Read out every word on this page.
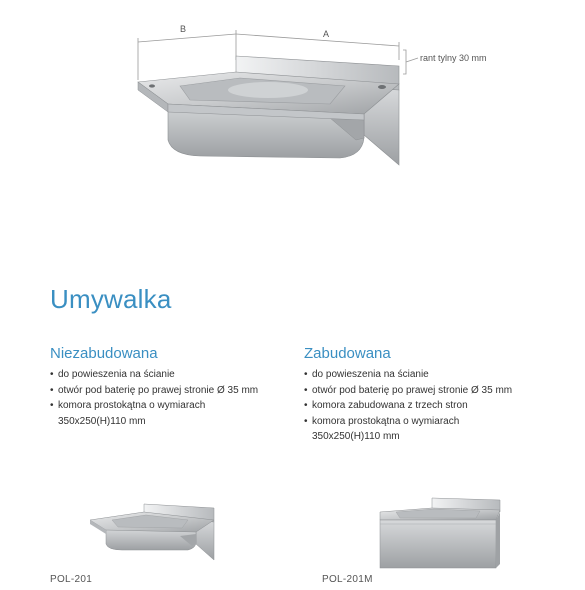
B	A
rant tylny 30 mm
Umywalka
Niezabudowana
• do powieszenia na ścianie
• otwór pod baterię po prawej stronie Ø 35 mm
• komora prostokątna o wymiarach 350x250(H)110 mm
Zabudowana
• do powieszenia na ścianie
• otwór pod baterię po prawej stronie Ø 35 mm
• komora zabudowana z trzech stron
• komora prostokątna o wymiarach 350x250(H)110 mm
POL-201	POL-201M
